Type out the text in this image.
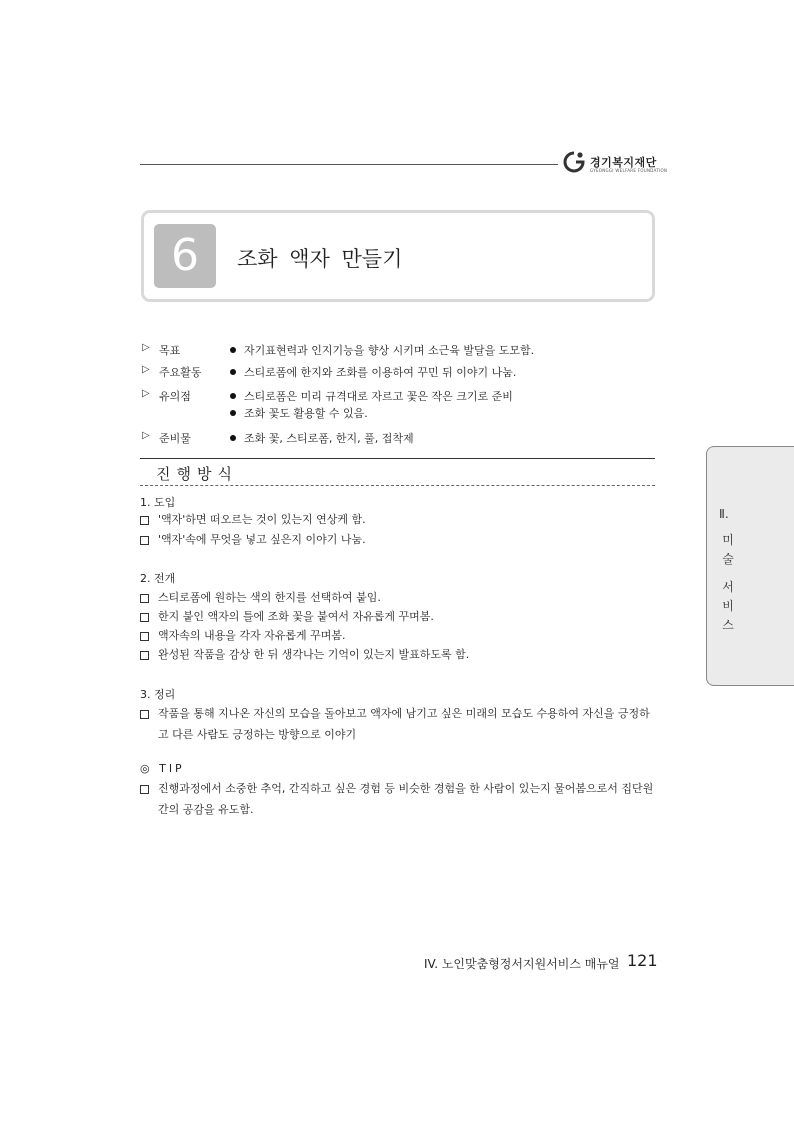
경기복지재단
GYEONGGI WELFARE FOUNDATION
6	조화 액자 만들기
▷ 목표	자기표현력과 인지기능을 향상 시키며 소근육 발달을 도모함.
▷ 주요활동	스티로폼에 한지와 조화를 이용하여 꾸민 뒤 이야기 나눔.
▷ 유의점	스티로폼은 미리 규격대로 자르고 꽃은 작은 크기로 준비
조화 꽃도 활용할 수 있음.
▷ 준비물	조화 꽃, 스티로폼, 한지, 풀, 접착제
진행방식
1. 도입
'액자'하면 떠오르는 것이 있는지 연상케 함.
'액자'속에 무엇을 넣고 싶은지 이야기 나눔.
2. 전개
스티로폼에 원하는 색의 한지를 선택하여 붙임.
한지 붙인 액자의 틀에 조화 꽃을 붙여서 자유롭게 꾸며봄.
액자속의 내용을 각자 자유롭게 꾸며봄.
완성된 작품을 감상 한 뒤 생각나는 기억이 있는지 발표하도록 함.
3. 정리
작품을 통해 지나온 자신의 모습을 돌아보고 액자에 남기고 싶은 미래의 모습도 수용하여 자신을 긍정하고 다른 사람도 긍정하는 방향으로 이야기
◎ TIP
진행과정에서 소중한 추억, 간직하고 싶은 경험 등 비슷한 경험을 한 사람이 있는지 물어봄으로서 집단원간의 공감을 유도함.
Ⅱ.
미
술
서
비
스
IV. 노인맞춤형정서지원서비스 매뉴얼 121
